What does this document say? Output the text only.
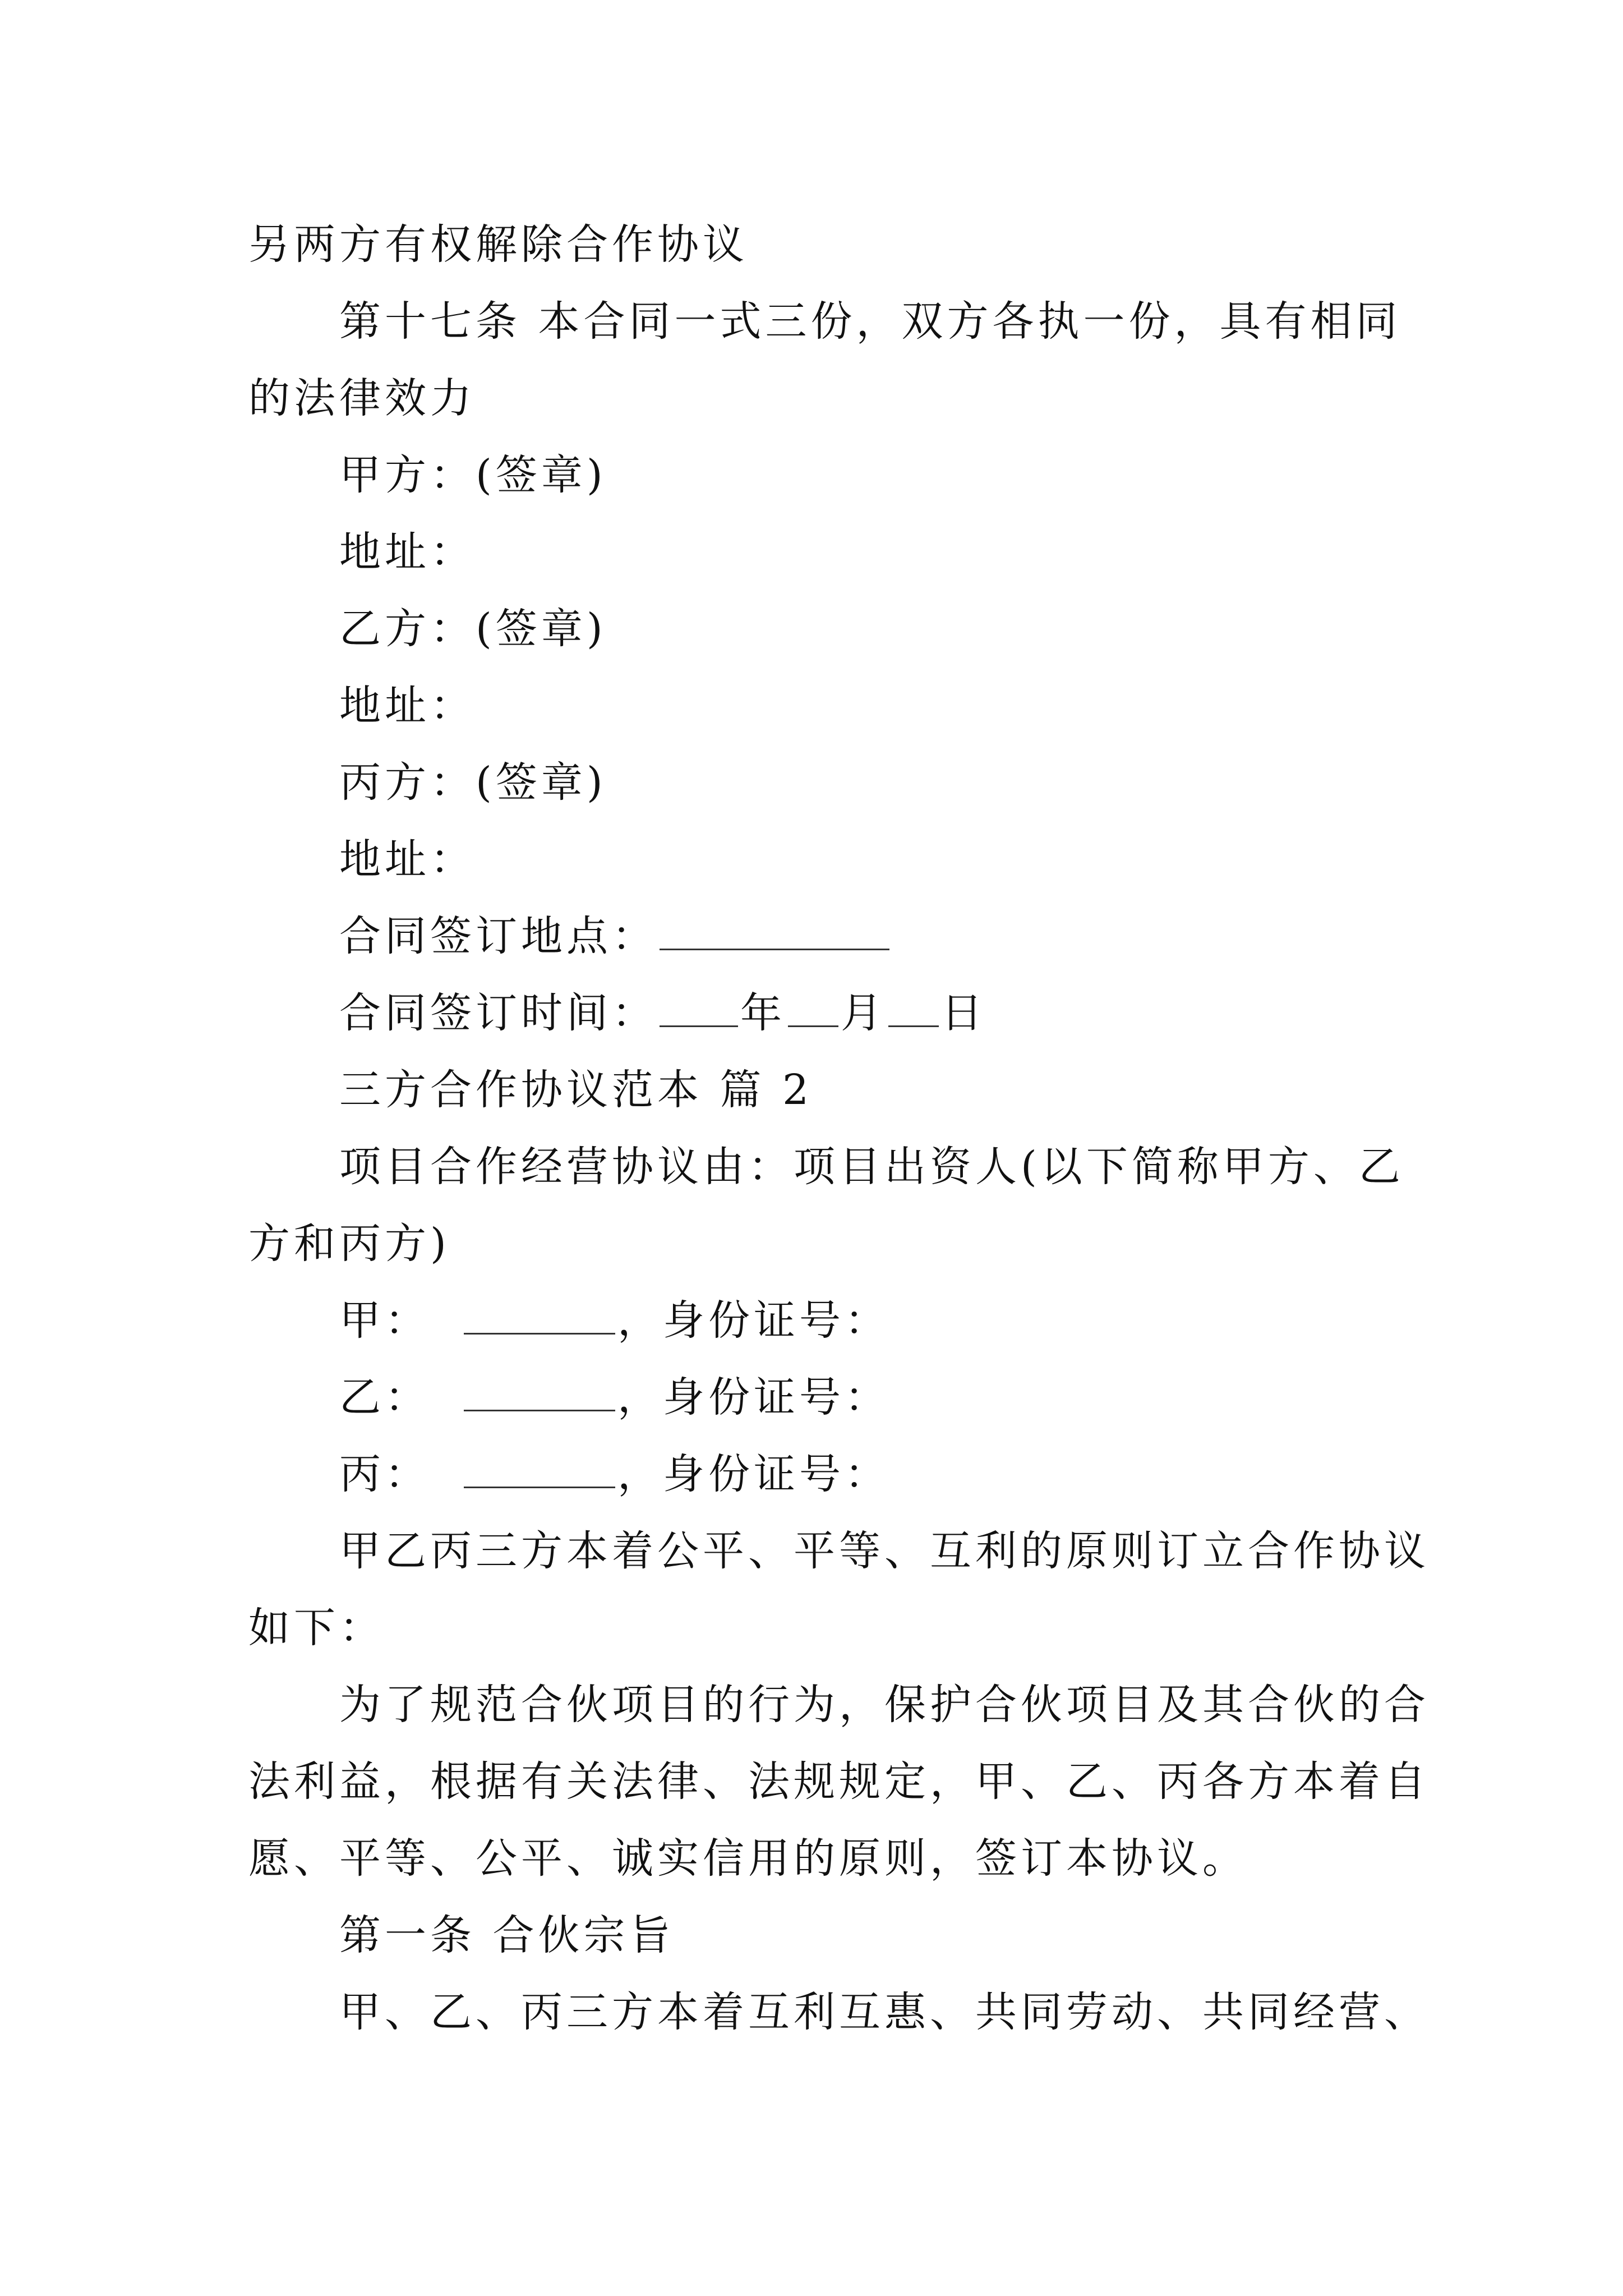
另两方有权解除合作协议
第十七条 本合同一式三份，双方各执一份，具有相同
的法律效力
甲方：(签章)
地址：
乙方：(签章)
地址：
丙方：(签章)
地址：
合同签订地点：
合同签订时间： 年 月 日
三方合作协议范本 篇 2
项目合作经营协议由：项目出资人(以下简称甲方、乙
方和丙方)
甲：	，身份证号：
乙：	，身份证号：
丙：	，身份证号：
甲乙丙三方本着公平、平等、互利的原则订立合作协议
如下：
为了规范合伙项目的行为，保护合伙项目及其合伙的合
法利益，根据有关法律、法规规定，甲、乙、丙各方本着自
愿、平等、公平、诚实信用的原则，签订本协议。
第一条 合伙宗旨
甲、乙、丙三方本着互利互惠、共同劳动、共同经营、
